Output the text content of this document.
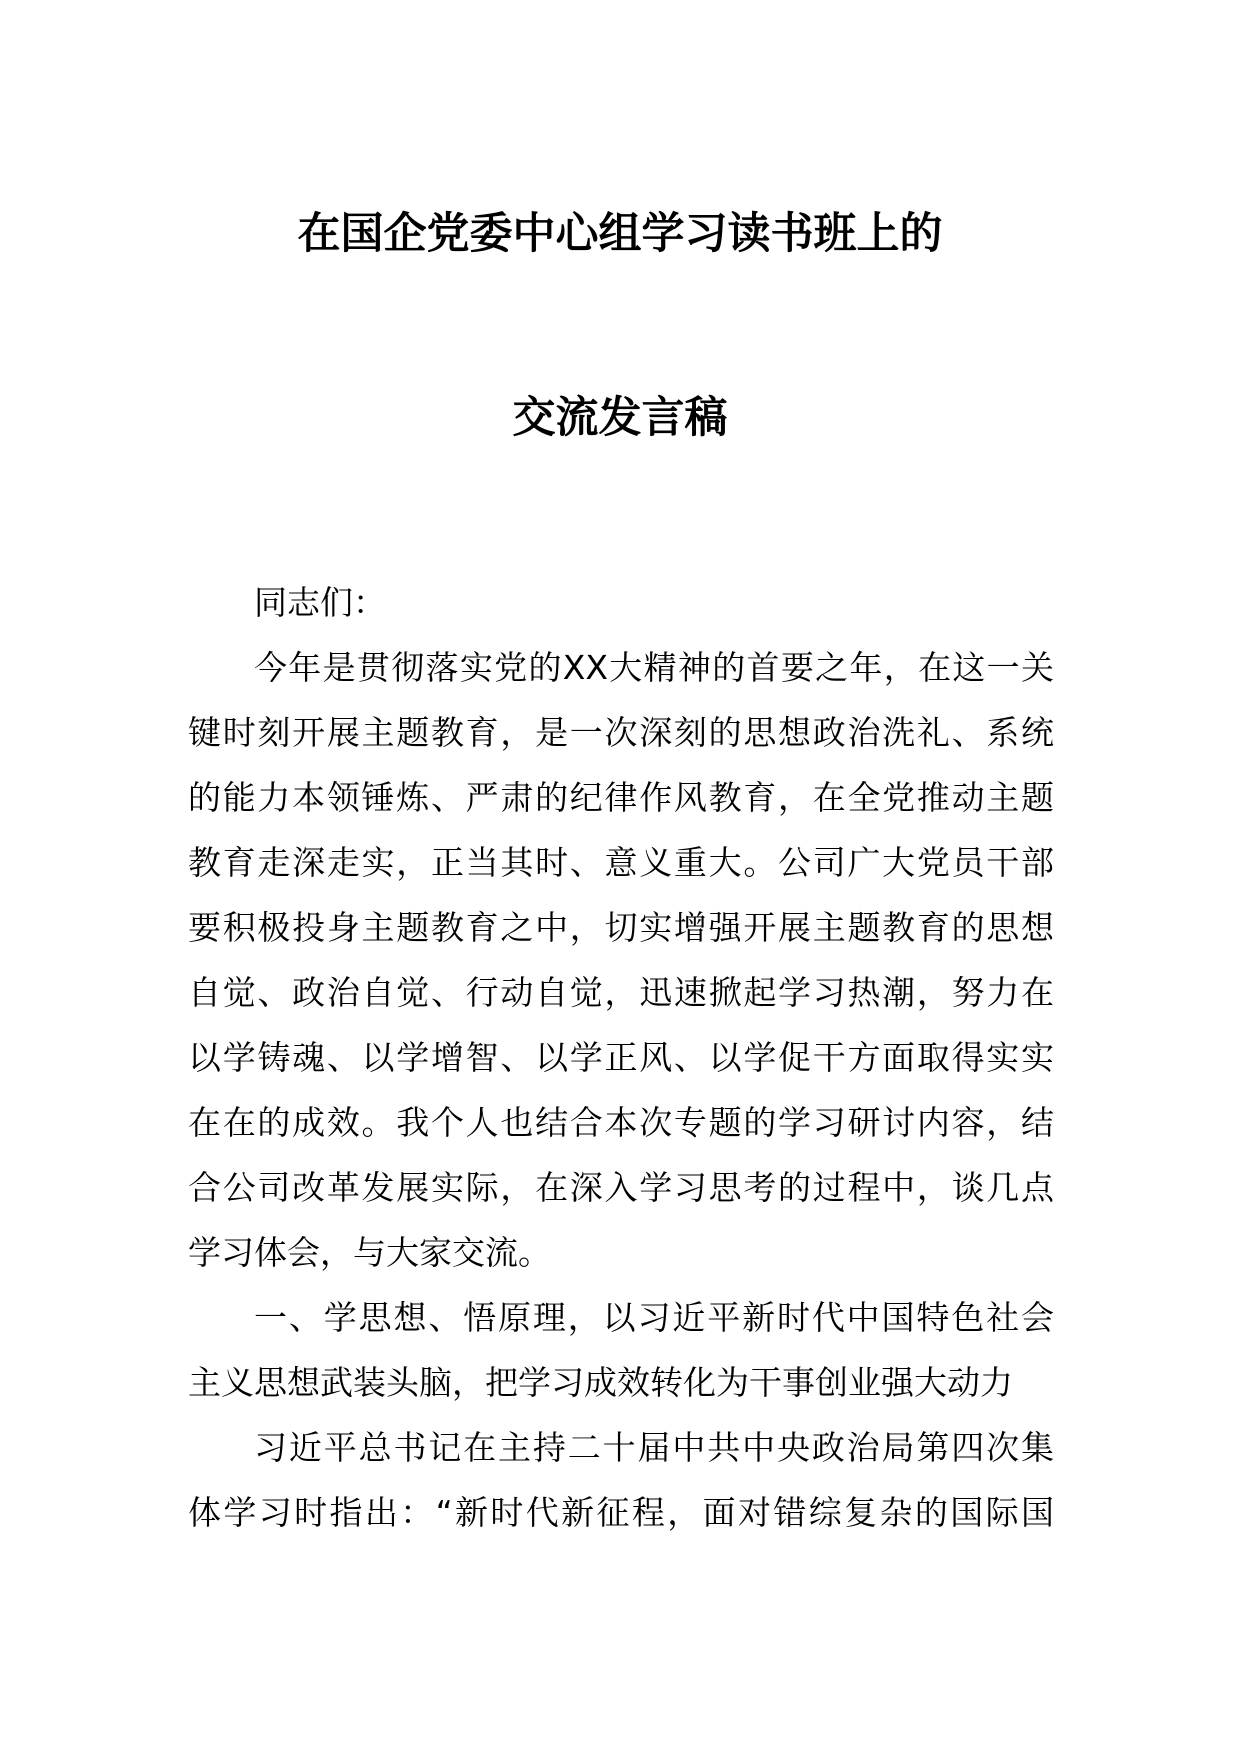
在国企党委中心组学习读书班上的
交流发言稿
同志们：
今年是贯彻落实党的XX大精神的首要之年，在这一关
键时刻开展主题教育，是一次深刻的思想政治洗礼、系统
的能力本领锤炼、严肃的纪律作风教育，在全党推动主题
教育走深走实，正当其时、意义重大。公司广大党员干部
要积极投身主题教育之中，切实增强开展主题教育的思想
自觉、政治自觉、行动自觉，迅速掀起学习热潮，努力在
以学铸魂、以学增智、以学正风、以学促干方面取得实实
在在的成效。我个人也结合本次专题的学习研讨内容，结
合公司改革发展实际，在深入学习思考的过程中，谈几点
学习体会，与大家交流。
一、学思想、悟原理，以习近平新时代中国特色社会
主义思想武装头脑，把学习成效转化为干事创业强大动力
习近平总书记在主持二十届中共中央政治局第四次集
体学习时指出：“新时代新征程，面对错综复杂的国际国
